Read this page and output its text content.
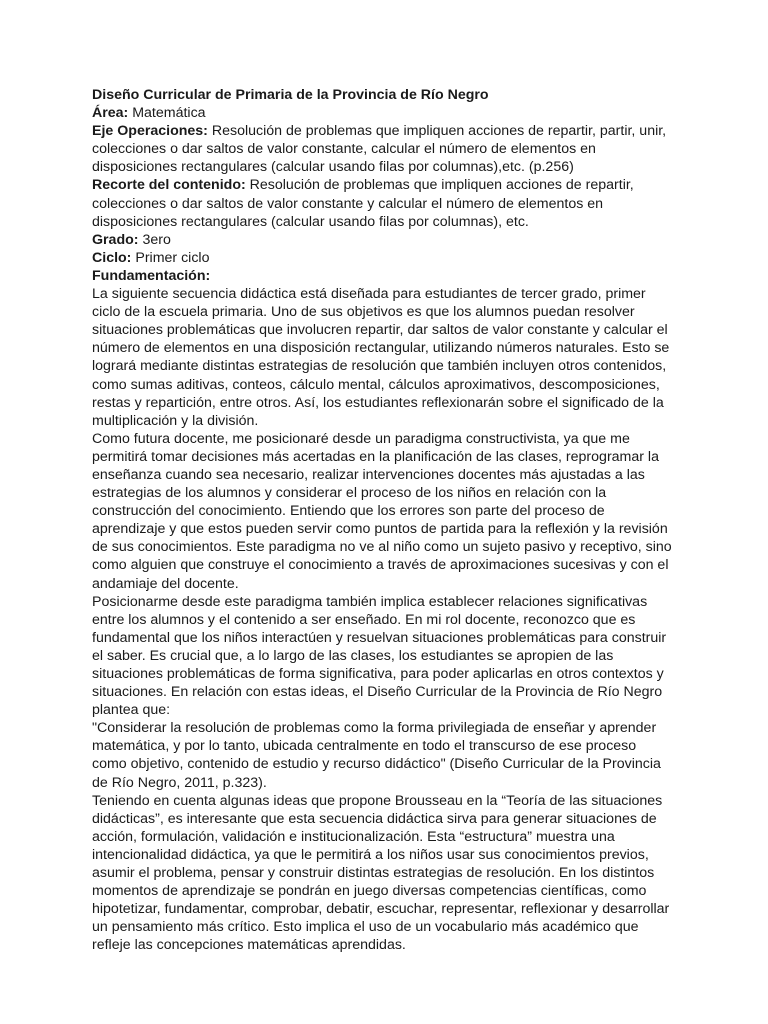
Diseño Curricular de Primaria de la Provincia de Río Negro
Área: Matemática
Eje Operaciones: Resolución de problemas que impliquen acciones de repartir, partir, unir,
colecciones o dar saltos de valor constante, calcular el número de elementos en
disposiciones rectangulares (calcular usando filas por columnas),etc. (p.256)
Recorte del contenido: Resolución de problemas que impliquen acciones de repartir,
colecciones o dar saltos de valor constante y calcular el número de elementos en
disposiciones rectangulares (calcular usando filas por columnas), etc.
Grado: 3ero
Ciclo: Primer ciclo
Fundamentación:
La siguiente secuencia didáctica está diseñada para estudiantes de tercer grado, primer
ciclo de la escuela primaria. Uno de sus objetivos es que los alumnos puedan resolver
situaciones problemáticas que involucren repartir, dar saltos de valor constante y calcular el
número de elementos en una disposición rectangular, utilizando números naturales. Esto se
logrará mediante distintas estrategias de resolución que también incluyen otros contenidos,
como sumas aditivas, conteos, cálculo mental, cálculos aproximativos, descomposiciones,
restas y repartición, entre otros. Así, los estudiantes reflexionarán sobre el significado de la
multiplicación y la división.
Como futura docente, me posicionaré desde un paradigma constructivista, ya que me
permitirá tomar decisiones más acertadas en la planificación de las clases, reprogramar la
enseñanza cuando sea necesario, realizar intervenciones docentes más ajustadas a las
estrategias de los alumnos y considerar el proceso de los niños en relación con la
construcción del conocimiento. Entiendo que los errores son parte del proceso de
aprendizaje y que estos pueden servir como puntos de partida para la reflexión y la revisión
de sus conocimientos. Este paradigma no ve al niño como un sujeto pasivo y receptivo, sino
como alguien que construye el conocimiento a través de aproximaciones sucesivas y con el
andamiaje del docente.
Posicionarme desde este paradigma también implica establecer relaciones significativas
entre los alumnos y el contenido a ser enseñado. En mi rol docente, reconozco que es
fundamental que los niños interactúen y resuelvan situaciones problemáticas para construir
el saber. Es crucial que, a lo largo de las clases, los estudiantes se apropien de las
situaciones problemáticas de forma significativa, para poder aplicarlas en otros contextos y
situaciones. En relación con estas ideas, el Diseño Curricular de la Provincia de Río Negro
plantea que:
"Considerar la resolución de problemas como la forma privilegiada de enseñar y aprender
matemática, y por lo tanto, ubicada centralmente en todo el transcurso de ese proceso
como objetivo, contenido de estudio y recurso didáctico" (Diseño Curricular de la Provincia
de Río Negro, 2011, p.323).
Teniendo en cuenta algunas ideas que propone Brousseau en la “Teoría de las situaciones
didácticas”, es interesante que esta secuencia didáctica sirva para generar situaciones de
acción, formulación, validación e institucionalización. Esta “estructura” muestra una
intencionalidad didáctica, ya que le permitirá a los niños usar sus conocimientos previos,
asumir el problema, pensar y construir distintas estrategias de resolución. En los distintos
momentos de aprendizaje se pondrán en juego diversas competencias científicas, como
hipotetizar, fundamentar, comprobar, debatir, escuchar, representar, reflexionar y desarrollar
un pensamiento más crítico. Esto implica el uso de un vocabulario más académico que
refleje las concepciones matemáticas aprendidas.
